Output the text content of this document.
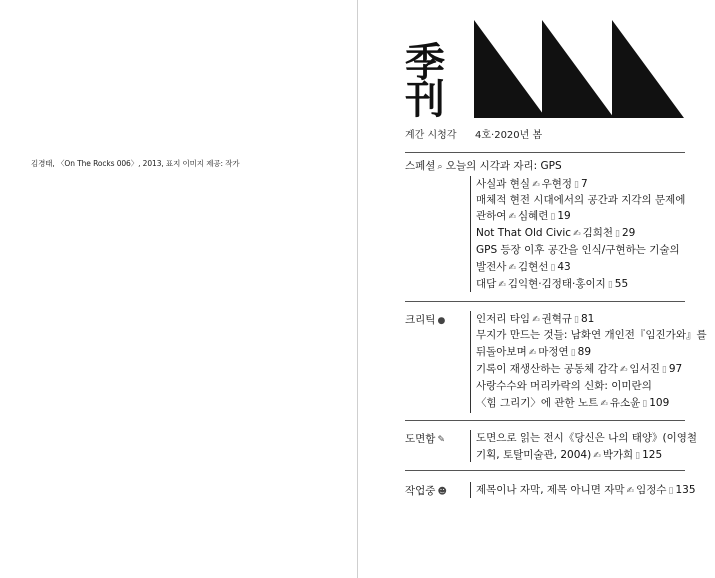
김경태, 〈On The Rocks 006〉, 2013, 표지 이미지 제공: 작가
季
刊
계간 시청각 4호·2020년 봄
스페셜 ⌕ 오늘의 시각과 자리: GPS
사실과 현실 ✍ 우현정 ▯ 7
매체적 현전 시대에서의 공간과 지각의 문제에
관하여 ✍ 심혜련 ▯ 19
Not That Old Civic ✍ 김희천 ▯ 29
GPS 등장 이후 공간을 인식/구현하는 기술의
발전사 ✍ 김현선 ▯ 43
대담 ✍ 김익현·김정태·홍이지 ▯ 55
크리틱 ●	인저리 타임 ✍ 권혁규 ▯ 81
무지가 만드는 것들: 남화연 개인전『임진가와』를
뒤돌아보며 ✍ 마정연 ▯ 89
기록이 재생산하는 공동체 감각 ✍ 임서진 ▯ 97
사랑수수와 머리카락의 신화: 이미란의
〈힘 그리기〉에 관한 노트 ✍ 유소윤 ▯ 109
도면함 ✎	도면으로 읽는 전시《당신은 나의 태양》(이영철
기획, 토탈미술관, 2004) ✍ 박가희 ▯ 125
작업중 ☻	제목이나 자막, 제목 아니면 자막 ✍ 임정수 ▯ 135
